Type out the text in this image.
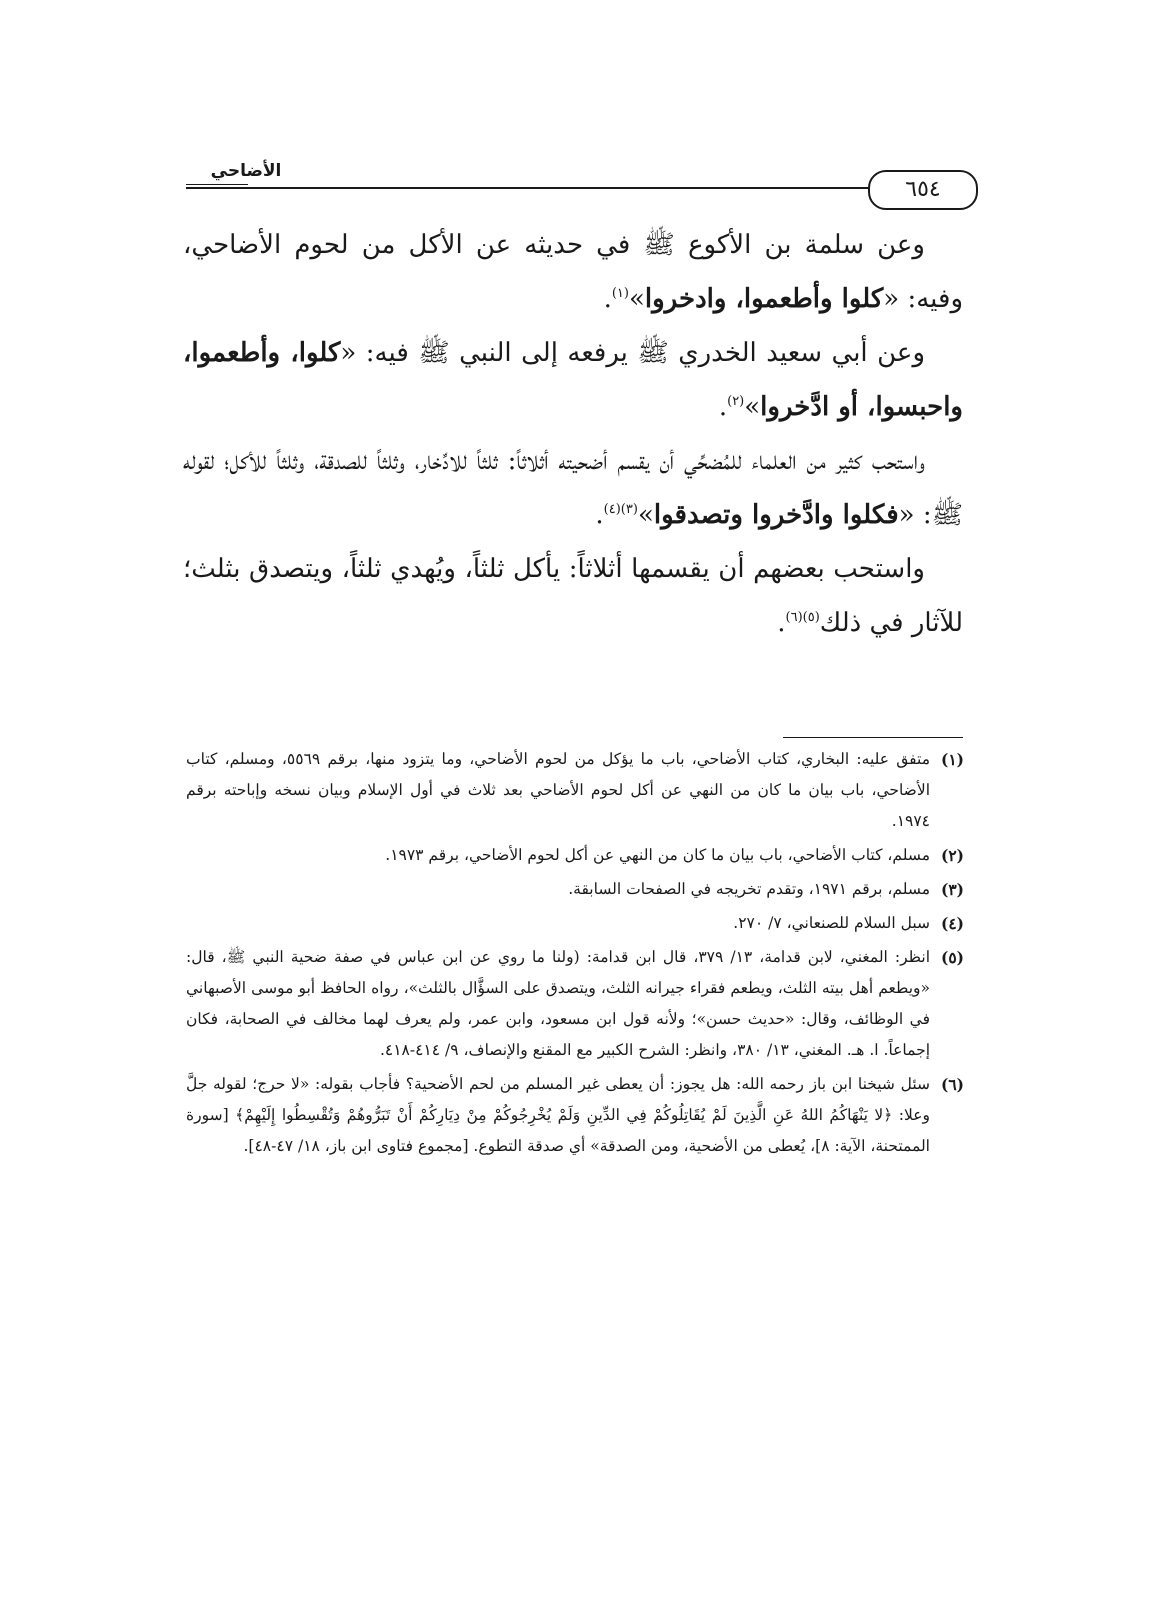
الأضاحي
٦٥٤

وعن سلمة بن الأكوع ﷺ في حديثه عن الأكل من لحوم الأضاحي، وفيه: «كلوا وأطعموا، وادخروا»$^{(١)}$.

وعن أبي سعيد الخدري ﷺ يرفعه إلى النبي ﷺ فيه: «كلوا، وأطعموا، واحبسوا، أو ادَّخروا»$^{(٢)}$.

واستحب كثير من العلماء للمُضحِّي أن يقسم أضحيته أثلاثاً: ثلثاً للادِّخار، وثلثاً للصدقة، وثلثاً للأكل؛ لقوله ﷺ: «فكلوا وادَّخروا وتصدقوا»$^{(٣)(٤)}$.

واستحب بعضهم أن يقسمها أثلاثاً: يأكل ثلثاً، ويُهدي ثلثاً، ويتصدق بثلث؛ للآثار في ذلك$^{(٥)(٦)}$.

(١)
متفق عليه: البخاري، كتاب الأضاحي، باب ما يؤكل من لحوم الأضاحي، وما يتزود منها، برقم ٥٥٦٩، ومسلم، كتاب الأضاحي، باب بيان ما كان من النهي عن أكل لحوم الأضاحي بعد ثلاث في أول الإسلام وبيان نسخه وإباحته برقم ١٩٧٤.

(٢)
مسلم، كتاب الأضاحي، باب بيان ما كان من النهي عن أكل لحوم الأضاحي، برقم ١٩٧٣.

(٣)
مسلم، برقم ١٩٧١، وتقدم تخريجه في الصفحات السابقة.

(٤)
سبل السلام للصنعاني، ٧/ ٢٧٠.

(٥)
انظر: المغني، لابن قدامة، ١٣/ ٣٧٩، قال ابن قدامة: (ولنا ما روي عن ابن عباس في صفة ضحية النبي ﷺ، قال: «ويطعم أهل بيته الثلث، ويطعم فقراء جيرانه الثلث، ويتصدق على السؤَّال بالثلث»، رواه الحافظ أبو موسى الأصبهاني في الوظائف، وقال: «حديث حسن»؛ ولأنه قول ابن مسعود، وابن عمر، ولم يعرف لهما مخالف في الصحابة، فكان إجماعاً. ا. هـ. المغني، ١٣/ ٣٨٠، وانظر: الشرح الكبير مع المقنع والإنصاف، ٩/ ٤١٤-٤١٨.

(٦)
سئل شيخنا ابن باز رحمه الله: هل يجوز: أن يعطى غير المسلم من لحم الأضحية؟ فأجاب بقوله: «لا حرج؛ لقوله جلَّ وعلا: ﴿لا يَنْهَاكُمُ اللهُ عَنِ الَّذِينَ لَمْ يُقَاتِلُوكُمْ فِي الدِّينِ وَلَمْ يُخْرِجُوكُمْ مِنْ دِيَارِكُمْ أَنْ تَبَرُّوهُمْ وَتُقْسِطُوا إِلَيْهِمْ﴾ [سورة الممتحنة، الآية: ٨]، يُعطى من الأضحية، ومن الصدقة» أي صدقة التطوع. [مجموع فتاوى ابن باز، ١٨/ ٤٧-٤٨].
